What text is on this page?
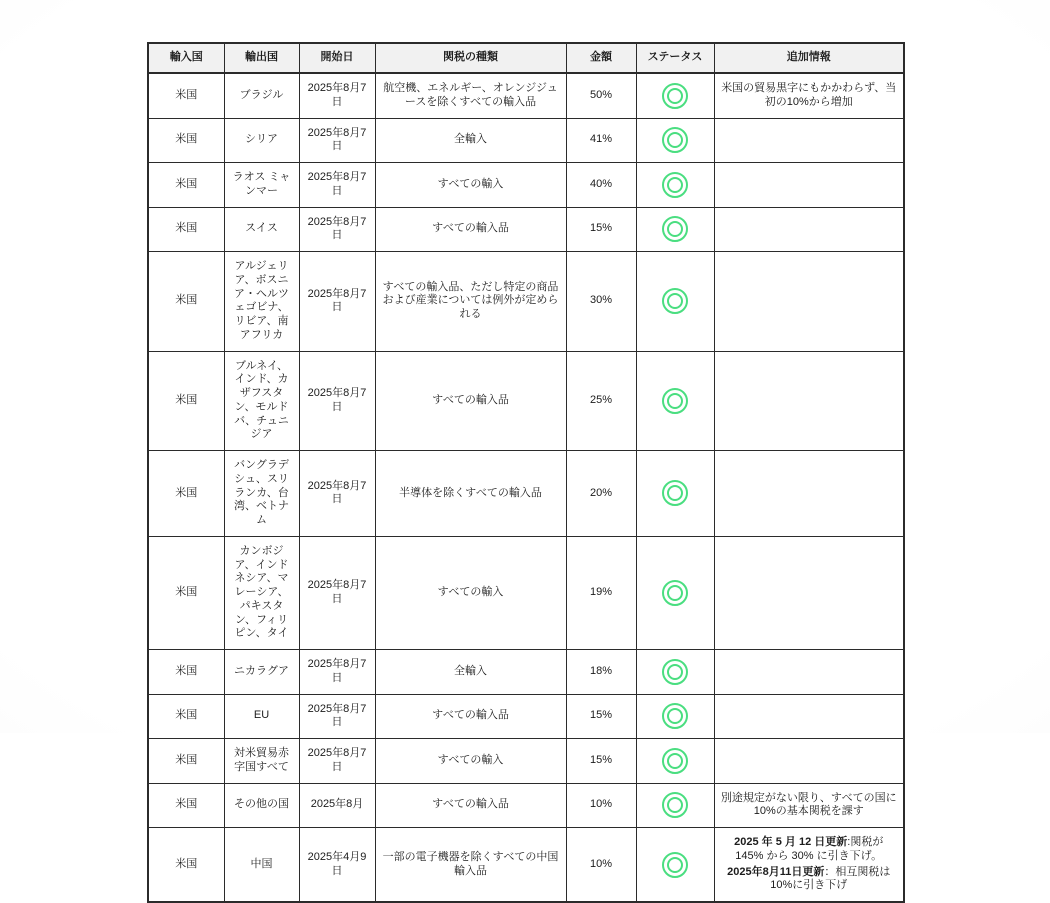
輸入国	輸出国	開始日	関税の種類	金額	ステータス	追加情報
米国	ブラジル	2025年8月7日	航空機、エネルギー、オレンジジュースを除くすべての輸入品	50%		米国の貿易黒字にもかかわらず、当初の10%から増加

米国	シリア	2025年8月7日	全輸入	41%		
米国	ラオス ミャンマー	2025年8月7日	すべての輸入	40%		
米国	スイス	2025年8月7日	すべての輸入品	15%		
米国	アルジェリア、ボスニア・ヘルツェゴビナ、リビア、南アフリカ	2025年8月7日	すべての輸入品、ただし特定の商品および産業については例外が定められる	30%		
米国	ブルネイ、インド、カザフスタン、モルドバ、チュニジア	2025年8月7日	すべての輸入品	25%		
米国	バングラデシュ、スリランカ、台湾、ベトナム	2025年8月7日	半導体を除くすべての輸入品	20%		
米国	カンボジア、インドネシア、マレーシア、パキスタン、フィリピン、タイ	2025年8月7日	すべての輸入	19%		
米国	ニカラグア	2025年8月7日	全輸入	18%		
米国	EU	2025年8月7日	すべての輸入品	15%		
米国	対米貿易赤字国すべて	2025年8月7日	すべての輸入	15%		
米国	その他の国	2025年8月	すべての輸入品	10%		別途規定がない限り、すべての国に10%の基本関税を課す

米国	中国	2025年4月9日	一部の電子機器を除くすべての中国輸入品	10%		2025 年 5 月 12 日更新:関税が 145% から 30% に引き下げ。
2025年8月11日更新：相互関税は10%に引き下げ
